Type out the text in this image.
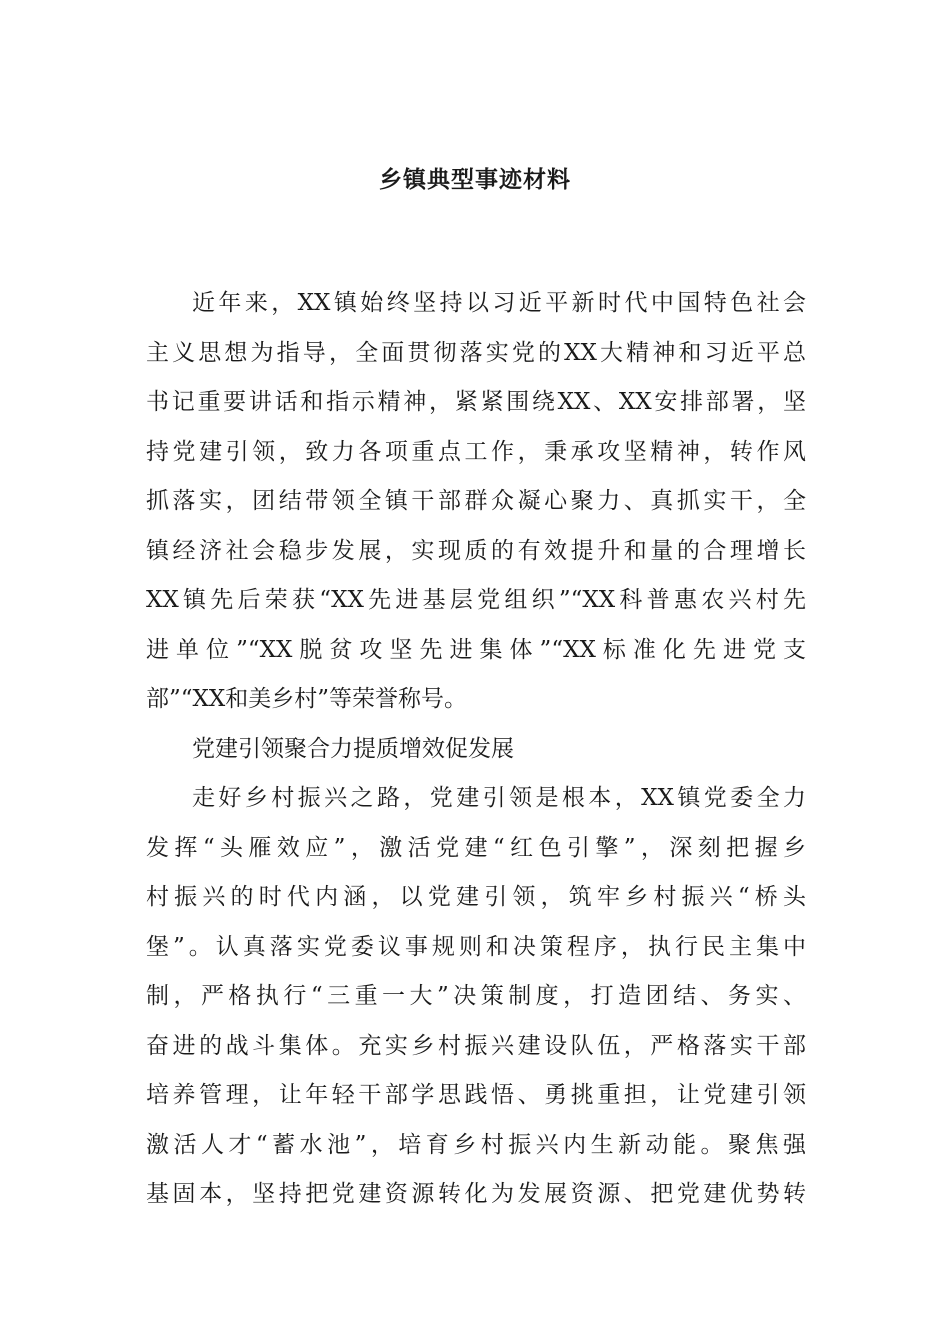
乡镇典型事迹材料

近年来，XX镇始终坚持以习近平新时代中国特色社会

主义思想为指导，全面贯彻落实党的XX大精神和习近平总

书记重要讲话和指示精神，紧紧围绕XX、XX安排部署，坚

持党建引领，致力各项重点工作，秉承攻坚精神，转作风

抓落实，团结带领全镇干部群众凝心聚力、真抓实干，全

镇经济社会稳步发展，实现质的有效提升和量的合理增长

XX镇先后荣获“XX先进基层党组织”“XX科普惠农兴村先

进单位”“XX脱贫攻坚先进集体”“XX标准化先进党支

部”“XX和美乡村”等荣誉称号。

党建引领聚合力提质增效促发展

走好乡村振兴之路，党建引领是根本，XX镇党委全力

发挥“头雁效应”，激活党建“红色引擎”，深刻把握乡

村振兴的时代内涵，以党建引领，筑牢乡村振兴“桥头

堡”。认真落实党委议事规则和决策程序，执行民主集中

制，严格执行“三重一大”决策制度，打造团结、务实、

奋进的战斗集体。充实乡村振兴建设队伍，严格落实干部

培养管理，让年轻干部学思践悟、勇挑重担，让党建引领

激活人才“蓄水池”，培育乡村振兴内生新动能。聚焦强

基固本，坚持把党建资源转化为发展资源、把党建优势转
